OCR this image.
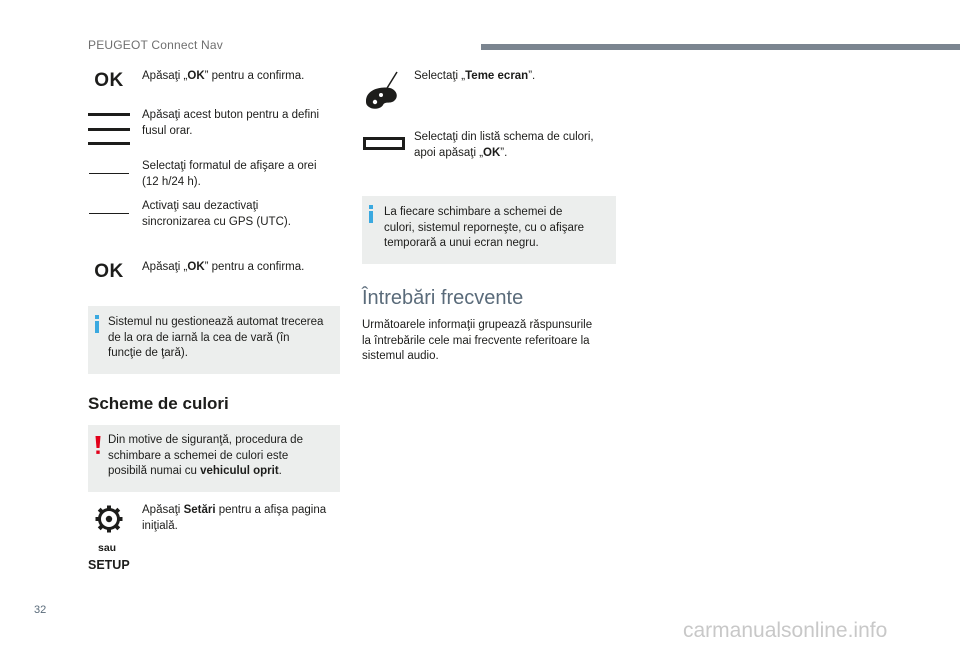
PEUGEOT Connect Nav
OK Apăsaţi „OK” pentru a confirma.
Apăsaţi acest buton pentru a defini
fusul orar.
Selectaţi formatul de afişare a orei
(12 h/24 h).
Activaţi sau dezactivaţi
sincronizarea cu GPS (UTC).
OK Apăsaţi „OK” pentru a confirma.
Sistemul nu gestionează automat trecerea
de la ora de iarnă la cea de vară (în
funcţie de ţară).
Scheme de culori
Din motive de siguranţă, procedura de
schimbare a schemei de culori este
posibilă numai cu vehiculul oprit.
sau
SETUP
Apăsaţi Setări pentru a afişa pagina
iniţială.
Selectaţi „Teme ecran”.
Selectaţi din listă schema de culori,
apoi apăsaţi „OK”.
La fiecare schimbare a schemei de
culori, sistemul reporneşte, cu o afişare
temporară a unui ecran negru.
Întrebări frecvente
Următoarele informaţii grupează răspunsurile
la întrebările cele mai frecvente referitoare la
sistemul audio.
32
carmanualsonline.info
